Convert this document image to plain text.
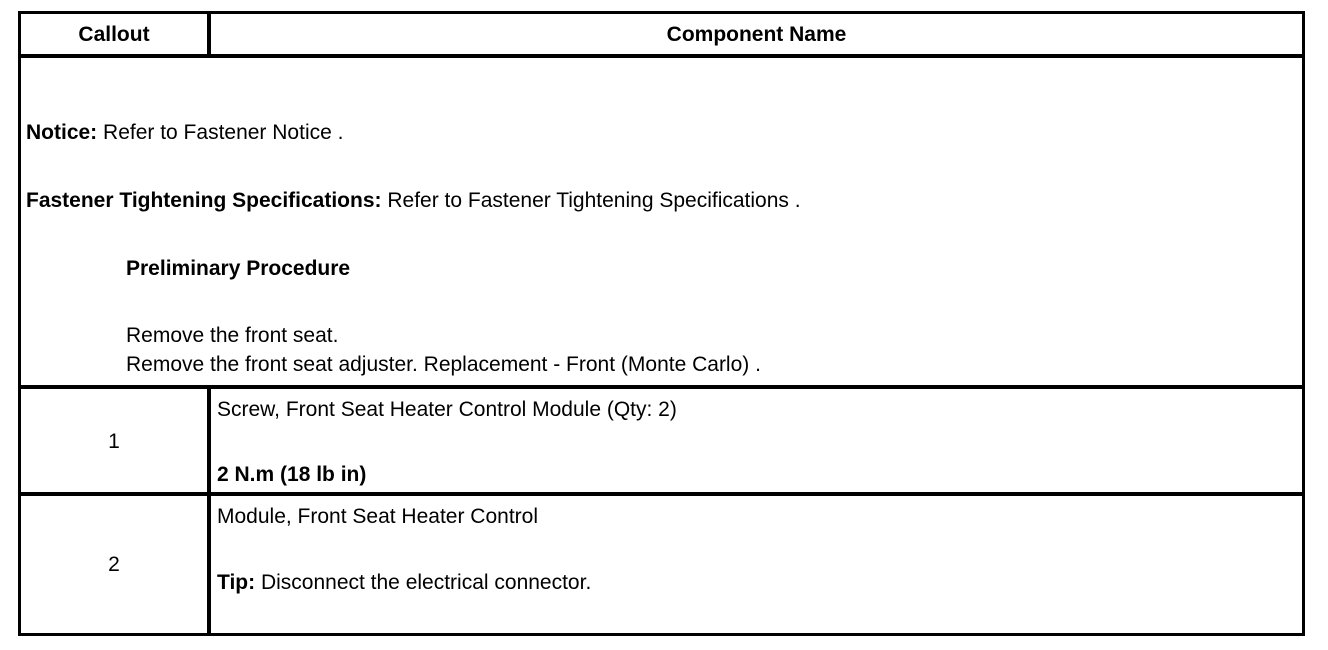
Callout	Component Name
Notice: Refer to Fastener Notice .
Fastener Tightening Specifications: Refer to Fastener Tightening Specifications .
Preliminary Procedure
Remove the front seat.
Remove the front seat adjuster. Replacement - Front (Monte Carlo) .
1
Screw, Front Seat Heater Control Module (Qty: 2)
2 N.m (18 lb in)
2
Module, Front Seat Heater Control
Tip: Disconnect the electrical connector.
